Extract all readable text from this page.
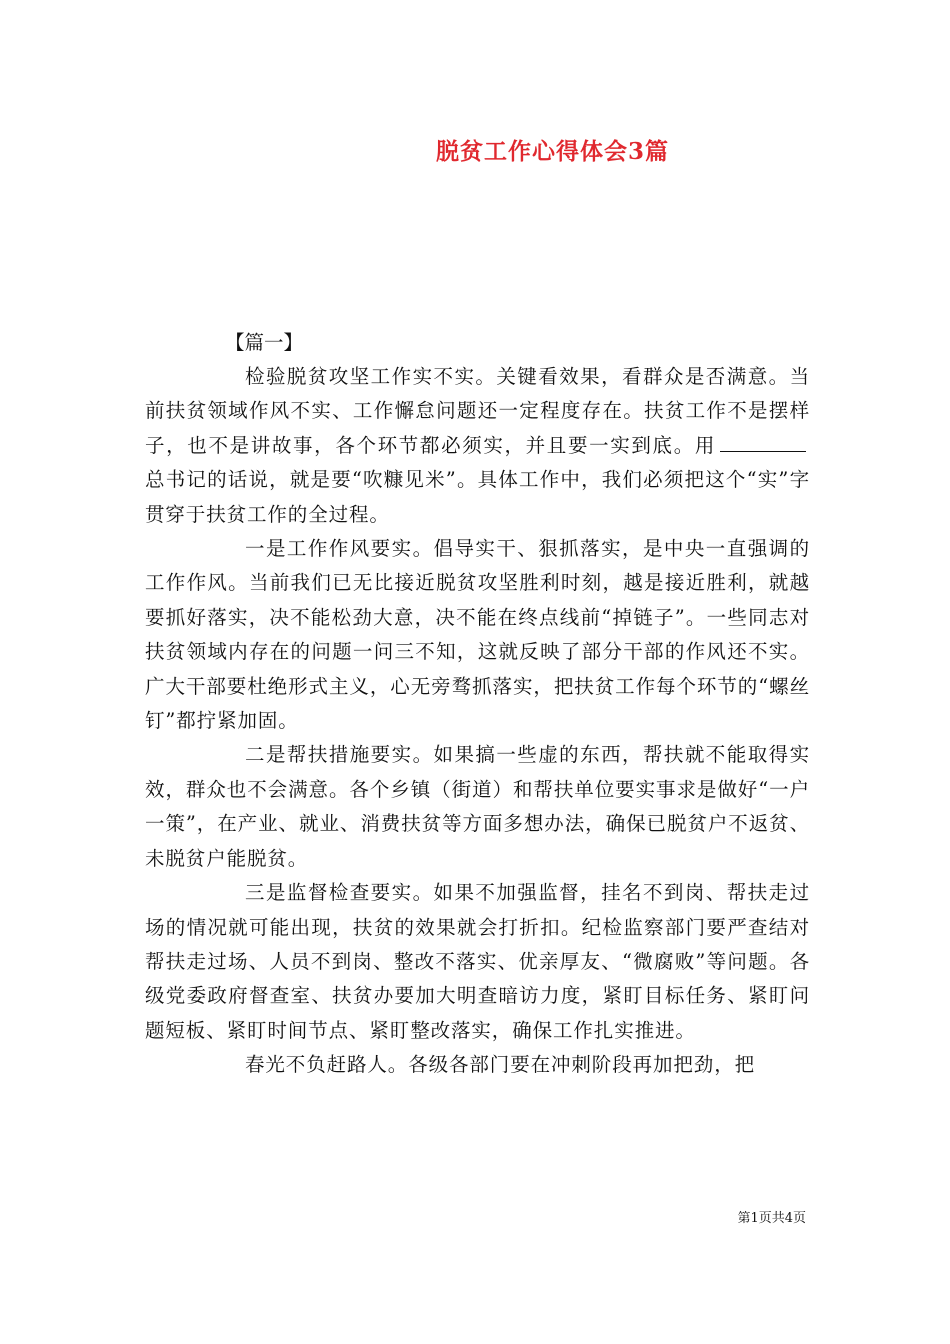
脱贫工作心得体会3篇
【篇一】

检验脱贫攻坚工作实不实。关键看效果，看群众是否满意。当前扶贫领域作风不实、工作懈怠问题还一定程度存在。扶贫工作不是摆样子，也不是讲故事，各个环节都必须实，并且要一实到底。用总书记的话说，就是要“吹糠见米”。具体工作中，我们必须把这个“实”字贯穿于扶贫工作的全过程。

一是工作作风要实。倡导实干、狠抓落实，是中央一直强调的工作作风。当前我们已无比接近脱贫攻坚胜利时刻，越是接近胜利，就越要抓好落实，决不能松劲大意，决不能在终点线前“掉链子”。一些同志对扶贫领域内存在的问题一问三不知，这就反映了部分干部的作风还不实。广大干部要杜绝形式主义，心无旁骛抓落实，把扶贫工作每个环节的“螺丝钉”都拧紧加固。

二是帮扶措施要实。如果搞一些虚的东西，帮扶就不能取得实效，群众也不会满意。各个乡镇（街道）和帮扶单位要实事求是做好“一户一策”，在产业、就业、消费扶贫等方面多想办法，确保已脱贫户不返贫、未脱贫户能脱贫。

三是监督检查要实。如果不加强监督，挂名不到岗、帮扶走过场的情况就可能出现，扶贫的效果就会打折扣。纪检监察部门要严查结对帮扶走过场、人员不到岗、整改不落实、优亲厚友、“微腐败”等问题。各级党委政府督查室、扶贫办要加大明查暗访力度，紧盯目标任务、紧盯问题短板、紧盯时间节点、紧盯整改落实，确保工作扎实推进。

春光不负赶路人。各级各部门要在冲刺阶段再加把劲，把

第1页共4页
